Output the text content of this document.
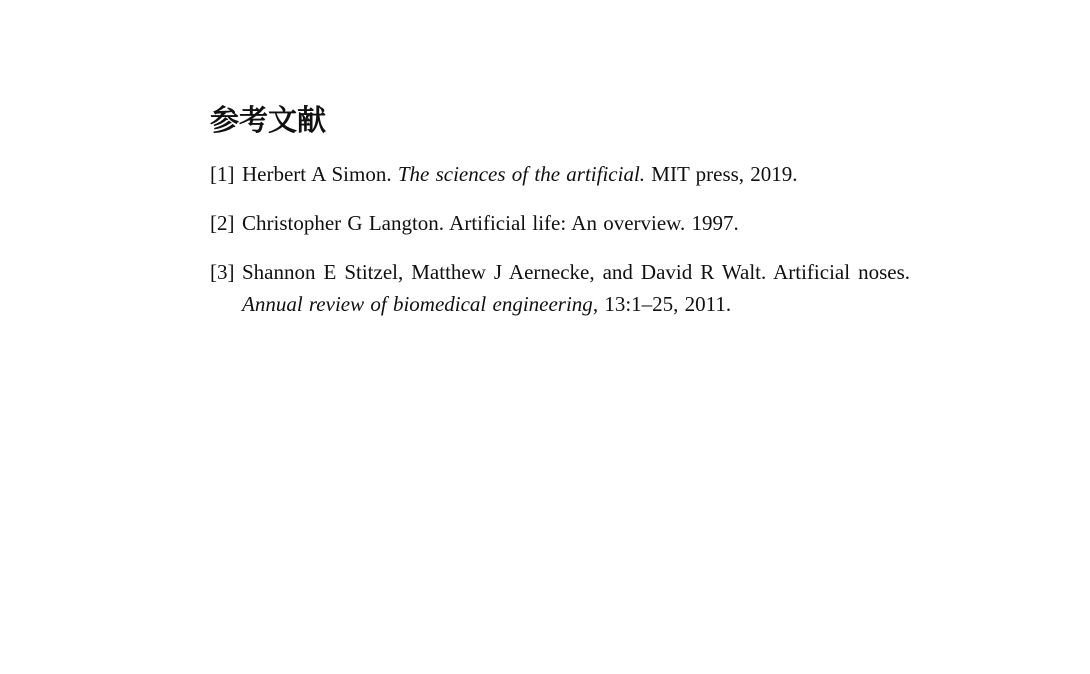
参考文献
[1] Herbert A Simon. The sciences of the artificial. MIT press, 2019.
[2] Christopher G Langton. Artificial life: An overview. 1997.
[3] Shannon E Stitzel, Matthew J Aernecke, and David R Walt. Artificial noses. Annual review of biomedical engineering, 13:1–25, 2011.
